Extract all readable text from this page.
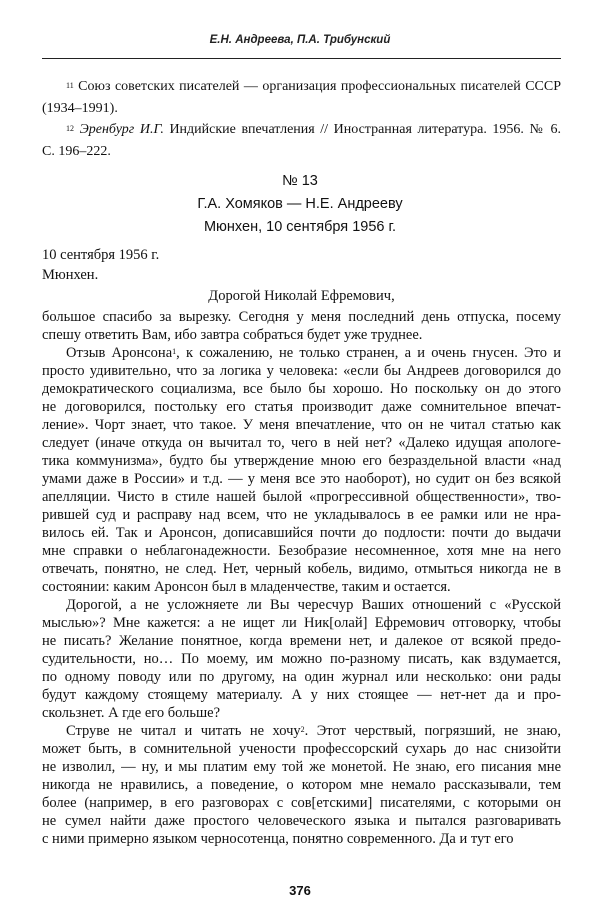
Е.Н. Андреева, П.А. Трибунский
$^{11}$ Союз советских писателей — организация профессиональных писателей СССР
(1934–1991).
$^{12}$ Эренбург И.Г. Индийские впечатления // Иностранная литература. 1956. № 6.
С. 196–222.
№ 13
Г.А. Хомяков — Н.Е. Андрееву
Мюнхен, 10 сентября 1956 г.
10 сентября 1956 г.
Мюнхен.
Дорогой Николай Ефремович,
большое спасибо за вырезку. Сегодня у меня последний день отпуска, посему
спешу ответить Вам, ибо завтра собраться будет уже труднее.
Отзыв Аронсона$^1$, к сожалению, не только странен, а и очень гнусен. Это и
просто удивительно, что за логика у человека: «если бы Андреев договорился до
демократического социализма, все было бы хорошо. Но поскольку он до этого
не договорился, постольку его статья производит даже сомнительное впечат-
ление». Чорт знает, что такое. У меня впечатление, что он не читал статью как
следует (иначе откуда он вычитал то, чего в ней нет? «Далеко идущая апологе-
тика коммунизма», будто бы утверждение мною его безраздельной власти «над
умами даже в России» и т.д. — у меня все это наоборот), но судит он без всякой
апелляции. Чисто в стиле нашей былой «прогрессивной общественности», тво-
рившей суд и расправу над всем, что не укладывалось в ее рамки или не нра-
вилось ей. Так и Аронсон, дописавшийся почти до подлости: почти до выдачи
мне справки о неблагонадежности. Безобразие несомненное, хотя мне на него
отвечать, понятно, не след. Нет, черный кобель, видимо, отмыться никогда не в
состоянии: каким Аронсон был в младенчестве, таким и остается.
Дорогой, а не усложняете ли Вы чересчур Ваших отношений с «Русской
мыслью»? Мне кажется: а не ищет ли Ник[олай] Ефремович отговорку, чтобы
не писать? Желание понятное, когда времени нет, и далекое от всякой предо-
судительности, но… По моему, им можно по-разному писать, как вздумается,
по одному поводу или по другому, на один журнал или несколько: они рады
будут каждому стоящему материалу. А у них стоящее — нет-нет да и про-
скользнет. А где его больше?
Струве не читал и читать не хочу$^2$. Этот черствый, погрязший, не знаю,
может быть, в сомнительной учености профессорский сухарь до нас снизойти
не изволил, — ну, и мы платим ему той же монетой. Не знаю, его писания мне
никогда не нравились, а поведение, о котором мне немало рассказывали, тем
более (например, в его разговорах с сов[етскими] писателями, с которыми он
не сумел найти даже простого человеческого языка и пытался разговаривать
с ними примерно языком черносотенца, понятно современного. Да и тут его
376
